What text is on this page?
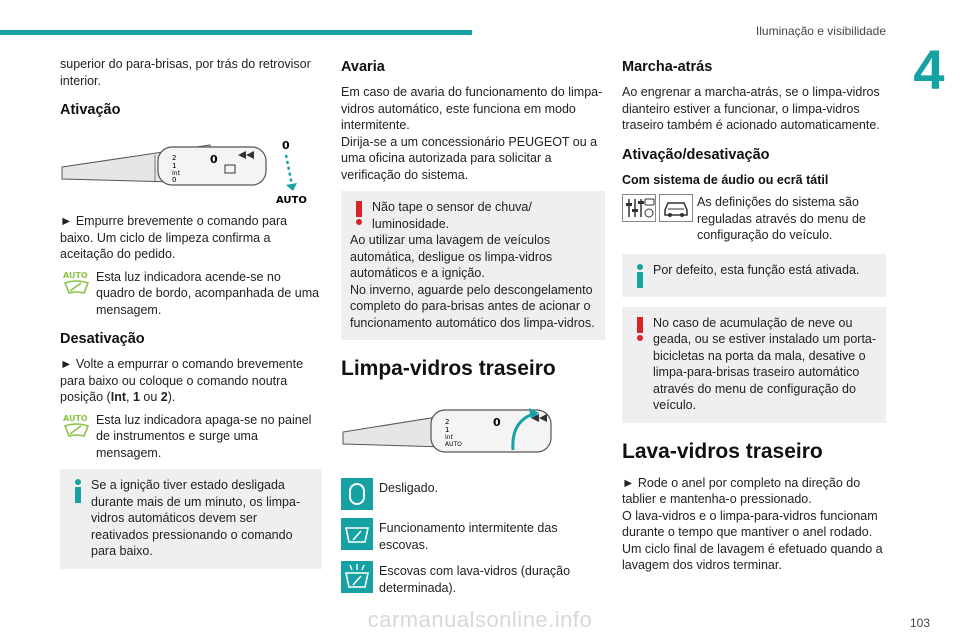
Iluminação e visibilidade
4

superior do para-brisas, por trás do retrovisor interior.

Ativação
2
1
Int
0
0
0
AUTO

► Empurre brevemente o comando para baixo. Um ciclo de limpeza confirma a aceitação do pedido.

AUTO Esta luz indicadora acende-se no quadro de bordo, acompanhada de uma mensagem.
Desativação

► Volte a empurrar o comando brevemente para baixo ou coloque o comando noutra posição (Int, 1 ou 2).

AUTO Esta luz indicadora apaga-se no painel de instrumentos e surge uma mensagem.
Se a ignição tiver estado desligada durante mais de um minuto, os limpa-vidros automáticos devem ser reativados pressionando o comando para baixo.
Avaria

Em caso de avaria do funcionamento do limpa-vidros automático, este funciona em modo intermitente.

Dirija-se a um concessionário PEUGEOT ou a uma oficina autorizada para solicitar a verificação do sistema.

Não tape o sensor de chuva/ luminosidade.
Ao utilizar uma lavagem de veículos automática, desligue os limpa-vidros automáticos e a ignição.
No inverno, aguarde pelo descongelamento completo do para-brisas antes de acionar o funcionamento automático dos limpa-vidros.
Limpa-vidros traseiro
2
1
Int
AUTO
0
Desligado.
Funcionamento intermitente das escovas.
Escovas com lava-vidros (duração determinada).
Marcha-atrás

Ao engrenar a marcha-atrás, se o limpa-vidros dianteiro estiver a funcionar, o limpa-vidros traseiro também é acionado automaticamente.

Ativação/desativação
Com sistema de áudio ou ecrã tátil
As definições do sistema são reguladas através do menu de configuração do veículo.
Por defeito, esta função está ativada.
No caso de acumulação de neve ou geada, ou se estiver instalado um porta-bicicletas na porta da mala, desative o limpa-para-brisas traseiro automático através do menu de configuração do veículo.
Lava-vidros traseiro

► Rode o anel por completo na direção do tablier e mantenha-o pressionado.

O lava-vidros e o limpa-para-vidros funcionam durante o tempo que mantiver o anel rodado.

Um ciclo final de lavagem é efetuado quando a lavagem dos vidros terminar.

103
carmanualsonline.info
